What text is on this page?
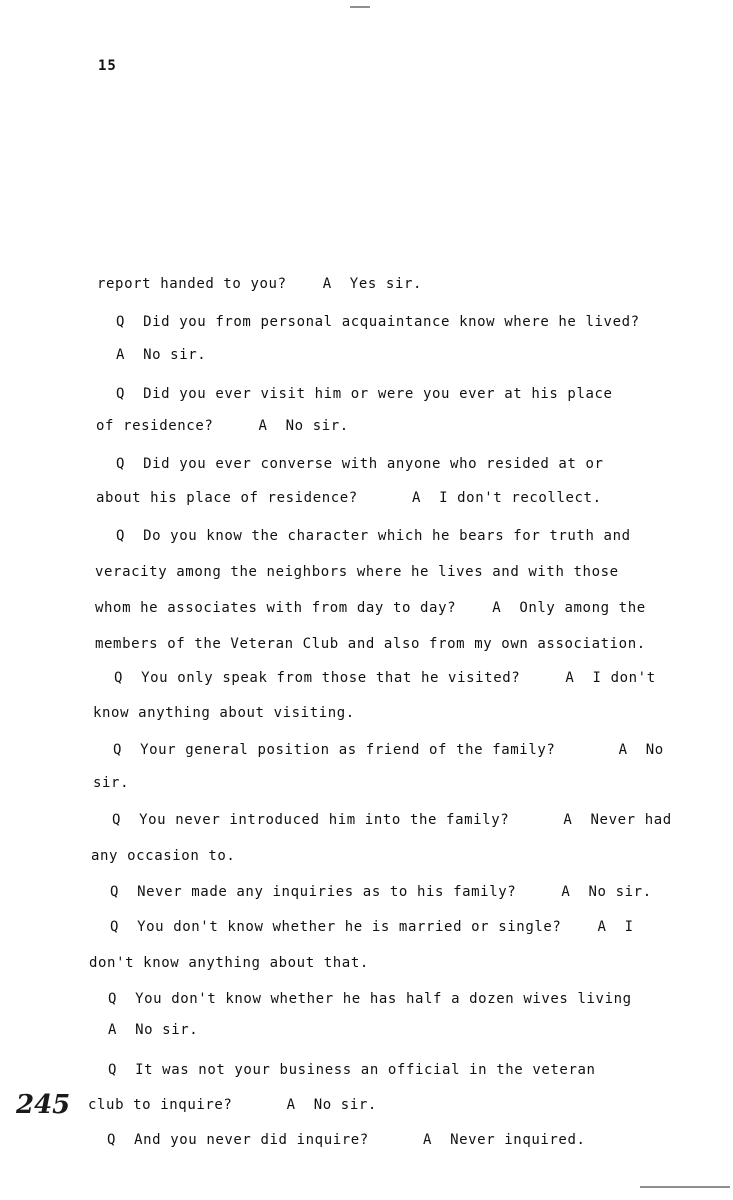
15
report handed to you?    A  Yes sir.
Q  Did you from personal acquaintance know where he lived?
A  No sir.
Q  Did you ever visit him or were you ever at his place
of residence?     A  No sir.
Q  Did you ever converse with anyone who resided at or
about his place of residence?      A  I don't recollect.
Q  Do you know the character which he bears for truth and
veracity among the neighbors where he lives and with those
whom he associates with from day to day?    A  Only among the
members of the Veteran Club and also from my own association.
Q  You only speak from those that he visited?     A  I don't
know anything about visiting.
Q  Your general position as friend of the family?       A  No
sir.
Q  You never introduced him into the family?      A  Never had
any occasion to.
Q  Never made any inquiries as to his family?     A  No sir.
Q  You don't know whether he is married or single?    A  I
don't know anything about that.
Q  You don't know whether he has half a dozen wives living
A  No sir.
Q  It was not your business an official in the veteran
club to inquire?      A  No sir.
Q  And you never did inquire?      A  Never inquired.
245
